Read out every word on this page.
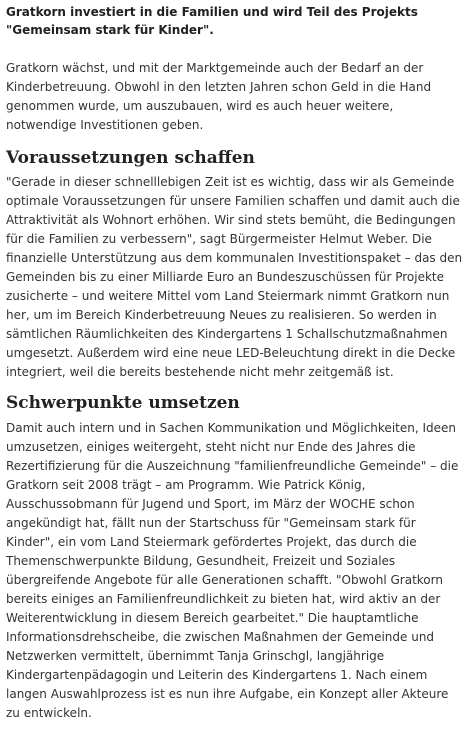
Gratkorn investiert in die Familien und wird Teil des Projekts "Gemeinsam stark für Kinder".

Gratkorn wächst, und mit der Marktgemeinde auch der Bedarf an der Kinderbetreuung. Obwohl in den letzten Jahren schon Geld in die Hand genommen wurde, um auszubauen, wird es auch heuer weitere, notwendige Investitionen geben.

Voraussetzungen schaffen

"Gerade in dieser schnelllebigen Zeit ist es wichtig, dass wir als Gemeinde optimale Voraussetzungen für unsere Familien schaffen und damit auch die Attraktivität als Wohnort erhöhen. Wir sind stets bemüht, die Bedingungen für die Familien zu verbessern", sagt Bürgermeister Helmut Weber. Die finanzielle Unterstützung aus dem kommunalen Investitionspaket – das den Gemeinden bis zu einer Milliarde Euro an Bundeszuschüssen für Projekte zusicherte – und weitere Mittel vom Land Steiermark nimmt Gratkorn nun her, um im Bereich Kinderbetreuung Neues zu realisieren. So werden in sämtlichen Räumlichkeiten des Kindergartens 1 Schallschutzmaßnahmen umgesetzt. Außerdem wird eine neue LED-Beleuchtung direkt in die Decke integriert, weil die bereits bestehende nicht mehr zeitgemäß ist.

Schwerpunkte umsetzen

Damit auch intern und in Sachen Kommunikation und Möglichkeiten, Ideen umzusetzen, einiges weitergeht, steht nicht nur Ende des Jahres die Rezertifizierung für die Auszeichnung "familienfreundliche Gemeinde" – die Gratkorn seit 2008 trägt – am Programm. Wie Patrick König, Ausschussobmann für Jugend und Sport, im März der WOCHE schon angekündigt hat, fällt nun der Startschuss für "Gemeinsam stark für Kinder", ein vom Land Steiermark gefördertes Projekt, das durch die Themenschwerpunkte Bildung, Gesundheit, Freizeit und Soziales übergreifende Angebote für alle Generationen schafft. "Obwohl Gratkorn bereits einiges an Familienfreundlichkeit zu bieten hat, wird aktiv an der Weiterentwicklung in diesem Bereich gearbeitet." Die hauptamtliche Informationsdrehscheibe, die zwischen Maßnahmen der Gemeinde und Netzwerken vermittelt, übernimmt Tanja Grinschgl, langjährige Kindergartenpädagogin und Leiterin des Kindergartens 1. Nach einem langen Auswahlprozess ist es nun ihre Aufgabe, ein Konzept aller Akteure zu entwickeln.
